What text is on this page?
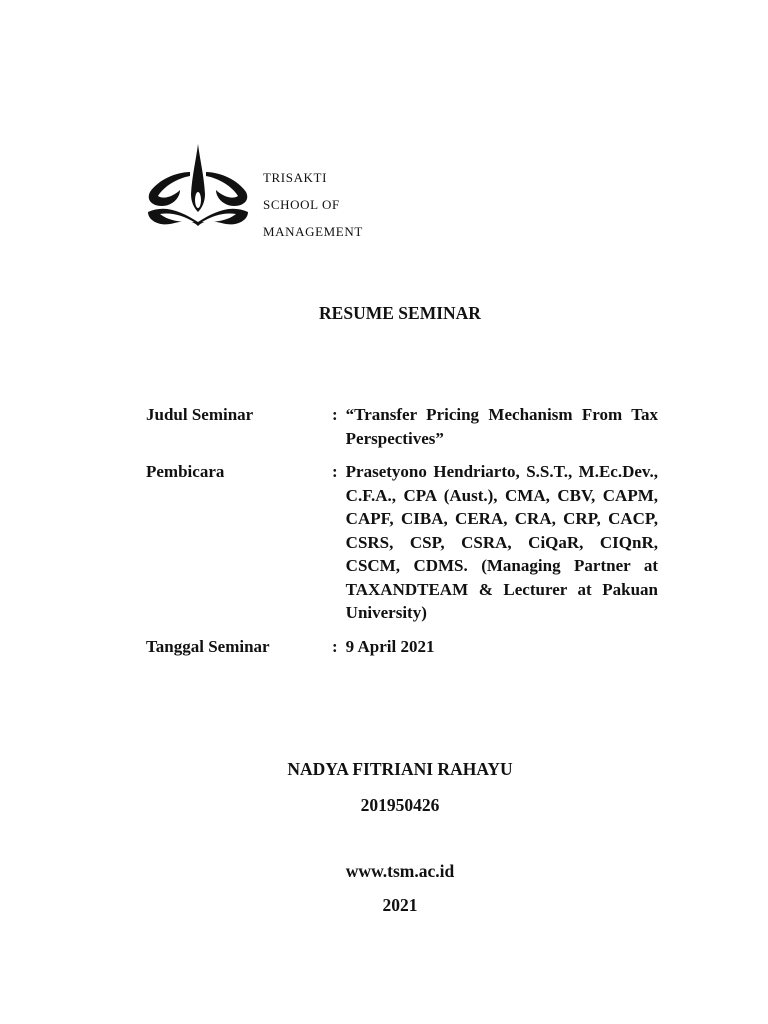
TRISAKTI
SCHOOL OF
MANAGEMENT
RESUME SEMINAR
Judul Seminar	: “Transfer Pricing Mechanism From Tax Perspectives”
Pembicara	: Prasetyono Hendriarto, S.S.T., M.Ec.Dev., C.F.A., CPA (Aust.), CMA, CBV, CAPM, CAPF, CIBA, CERA, CRA, CRP, CACP, CSRS, CSP, CSRA, CiQaR, CIQnR, CSCM, CDMS. (Managing Partner at TAXANDTEAM & Lecturer at Pakuan University)
Tanggal Seminar	: 9 April 2021
NADYA FITRIANI RAHAYU
201950426
www.tsm.ac.id
2021
